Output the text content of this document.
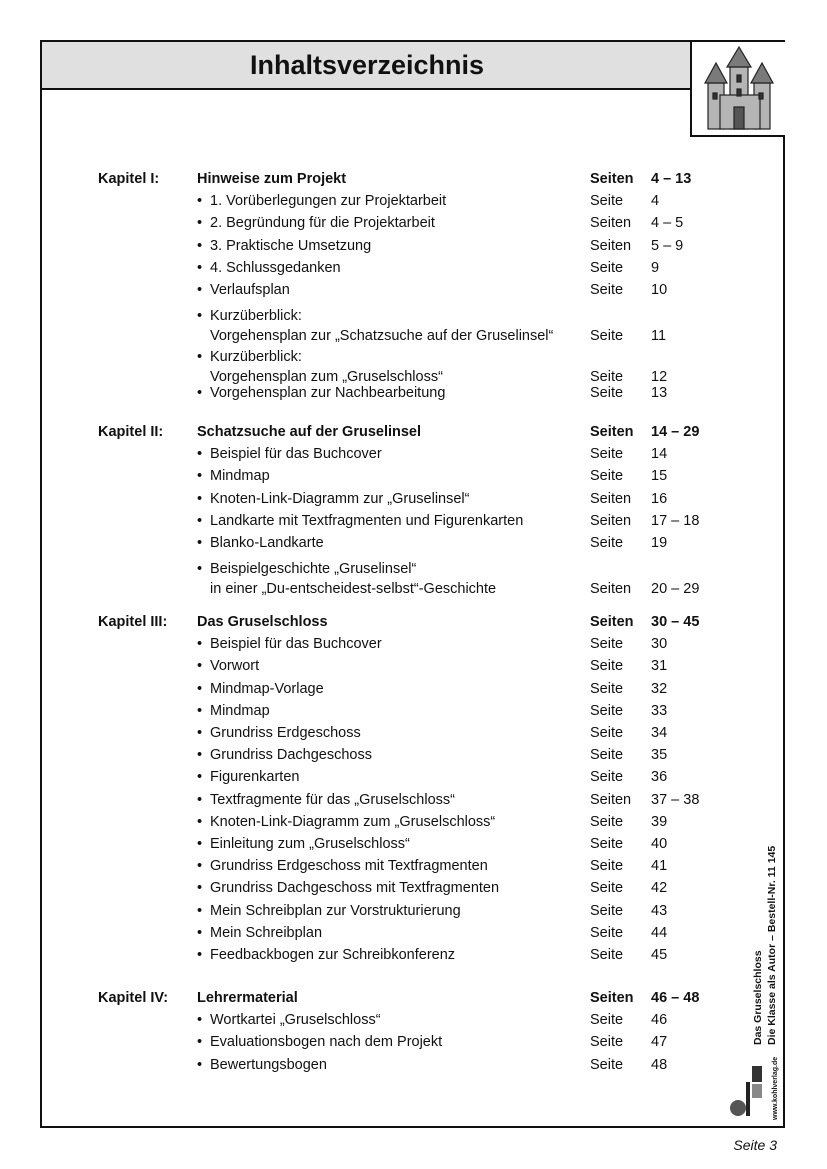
Inhaltsverzeichnis
Kapitel I:	Hinweise zum Projekt	Seiten 4 – 13
• 1. Vorüberlegungen zur Projektarbeit	Seite 4
• 2. Begründung für die Projektarbeit	Seiten 4 – 5
• 3. Praktische Umsetzung	Seiten 5 – 9
• 4. Schlussgedanken	Seite 9
• Verlaufsplan	Seite 10
• Kurzüberblick:
Vorgehensplan zur „Schatzsuche auf der Gruselinsel“	Seite 11
• Kurzüberblick:
Vorgehensplan zum „Gruselschloss“	Seite 12
• Vorgehensplan zur Nachbearbeitung	Seite 13
Kapitel II: Schatzsuche auf der Gruselinsel	Seiten 14 – 29
• Beispiel für das Buchcover	Seite 14
• Mindmap	Seite 15
• Knoten-Link-Diagramm zur „Gruselinsel“	Seiten 16
• Landkarte mit Textfragmenten und Figurenkarten	Seiten 17 – 18
• Blanko-Landkarte	Seite 19
• Beispielgeschichte „Gruselinsel“
in einer „Du-entscheidest-selbst“-Geschichte	Seiten 20 – 29
Kapitel III: Das Gruselschloss	Seiten 30 – 45
• Beispiel für das Buchcover	Seite 30
• Vorwort	Seite 31
• Mindmap-Vorlage	Seite 32
• Mindmap	Seite 33
• Grundriss Erdgeschoss	Seite 34
• Grundriss Dachgeschoss	Seite 35
• Figurenkarten	Seite 36
• Textfragmente für das „Gruselschloss“	Seiten 37 – 38
• Knoten-Link-Diagramm zum „Gruselschloss“	Seite 39
• Einleitung zum „Gruselschloss“	Seite 40
• Grundriss Erdgeschoss mit Textfragmenten	Seite 41
• Grundriss Dachgeschoss mit Textfragmenten	Seite 42
• Mein Schreibplan zur Vorstrukturierung	Seite 43
• Mein Schreibplan	Seite 44
• Feedbackbogen zur Schreibkonferenz	Seite 45
Kapitel IV: Lehrermaterial	Seiten 46 – 48
• Wortkartei „Gruselschloss“	Seite 46
• Evaluationsbogen nach dem Projekt	Seite 47
• Bewertungsbogen	Seite 48
Das Gruselschloss Die Klasse als Autor – Bestell-Nr. 11 145
www.kohlverlag.de
Seite 3
